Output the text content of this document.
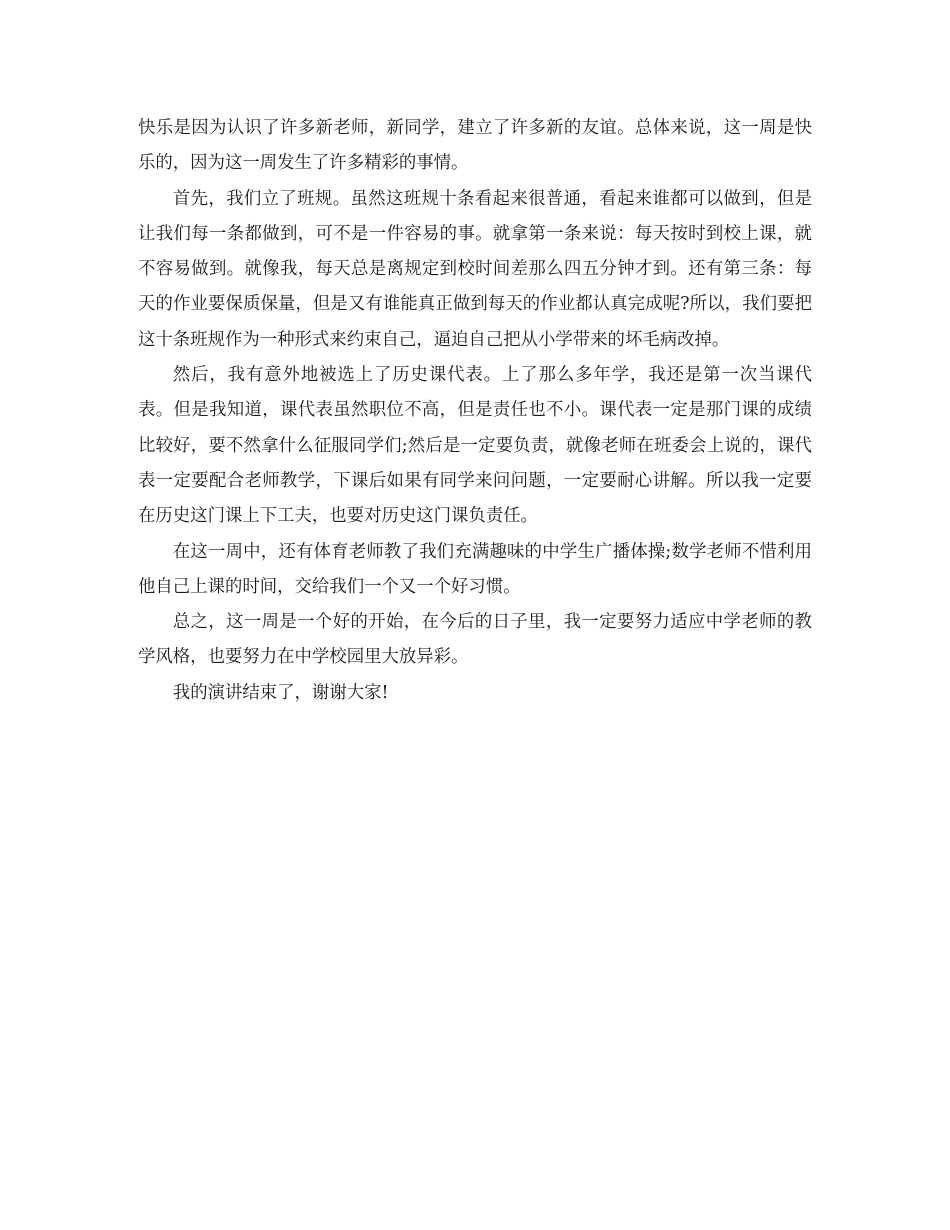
快乐是因为认识了许多新老师，新同学，建立了许多新的友谊。总体来说，这一周是快乐的，因为这一周发生了许多精彩的事情。

首先，我们立了班规。虽然这班规十条看起来很普通，看起来谁都可以做到，但是让我们每一条都做到，可不是一件容易的事。就拿第一条来说：每天按时到校上课，就不容易做到。就像我，每天总是离规定到校时间差那么四五分钟才到。还有第三条：每天的作业要保质保量，但是又有谁能真正做到每天的作业都认真完成呢?所以，我们要把这十条班规作为一种形式来约束自己，逼迫自己把从小学带来的坏毛病改掉。

然后，我有意外地被选上了历史课代表。上了那么多年学，我还是第一次当课代表。但是我知道，课代表虽然职位不高，但是责任也不小。课代表一定是那门课的成绩比较好，要不然拿什么征服同学们;然后是一定要负责，就像老师在班委会上说的，课代表一定要配合老师教学，下课后如果有同学来问问题，一定要耐心讲解。所以我一定要在历史这门课上下工夫，也要对历史这门课负责任。

在这一周中，还有体育老师教了我们充满趣味的中学生广播体操;数学老师不惜利用他自己上课的时间，交给我们一个又一个好习惯。

总之，这一周是一个好的开始，在今后的日子里，我一定要努力适应中学老师的教学风格，也要努力在中学校园里大放异彩。

我的演讲结束了，谢谢大家!
